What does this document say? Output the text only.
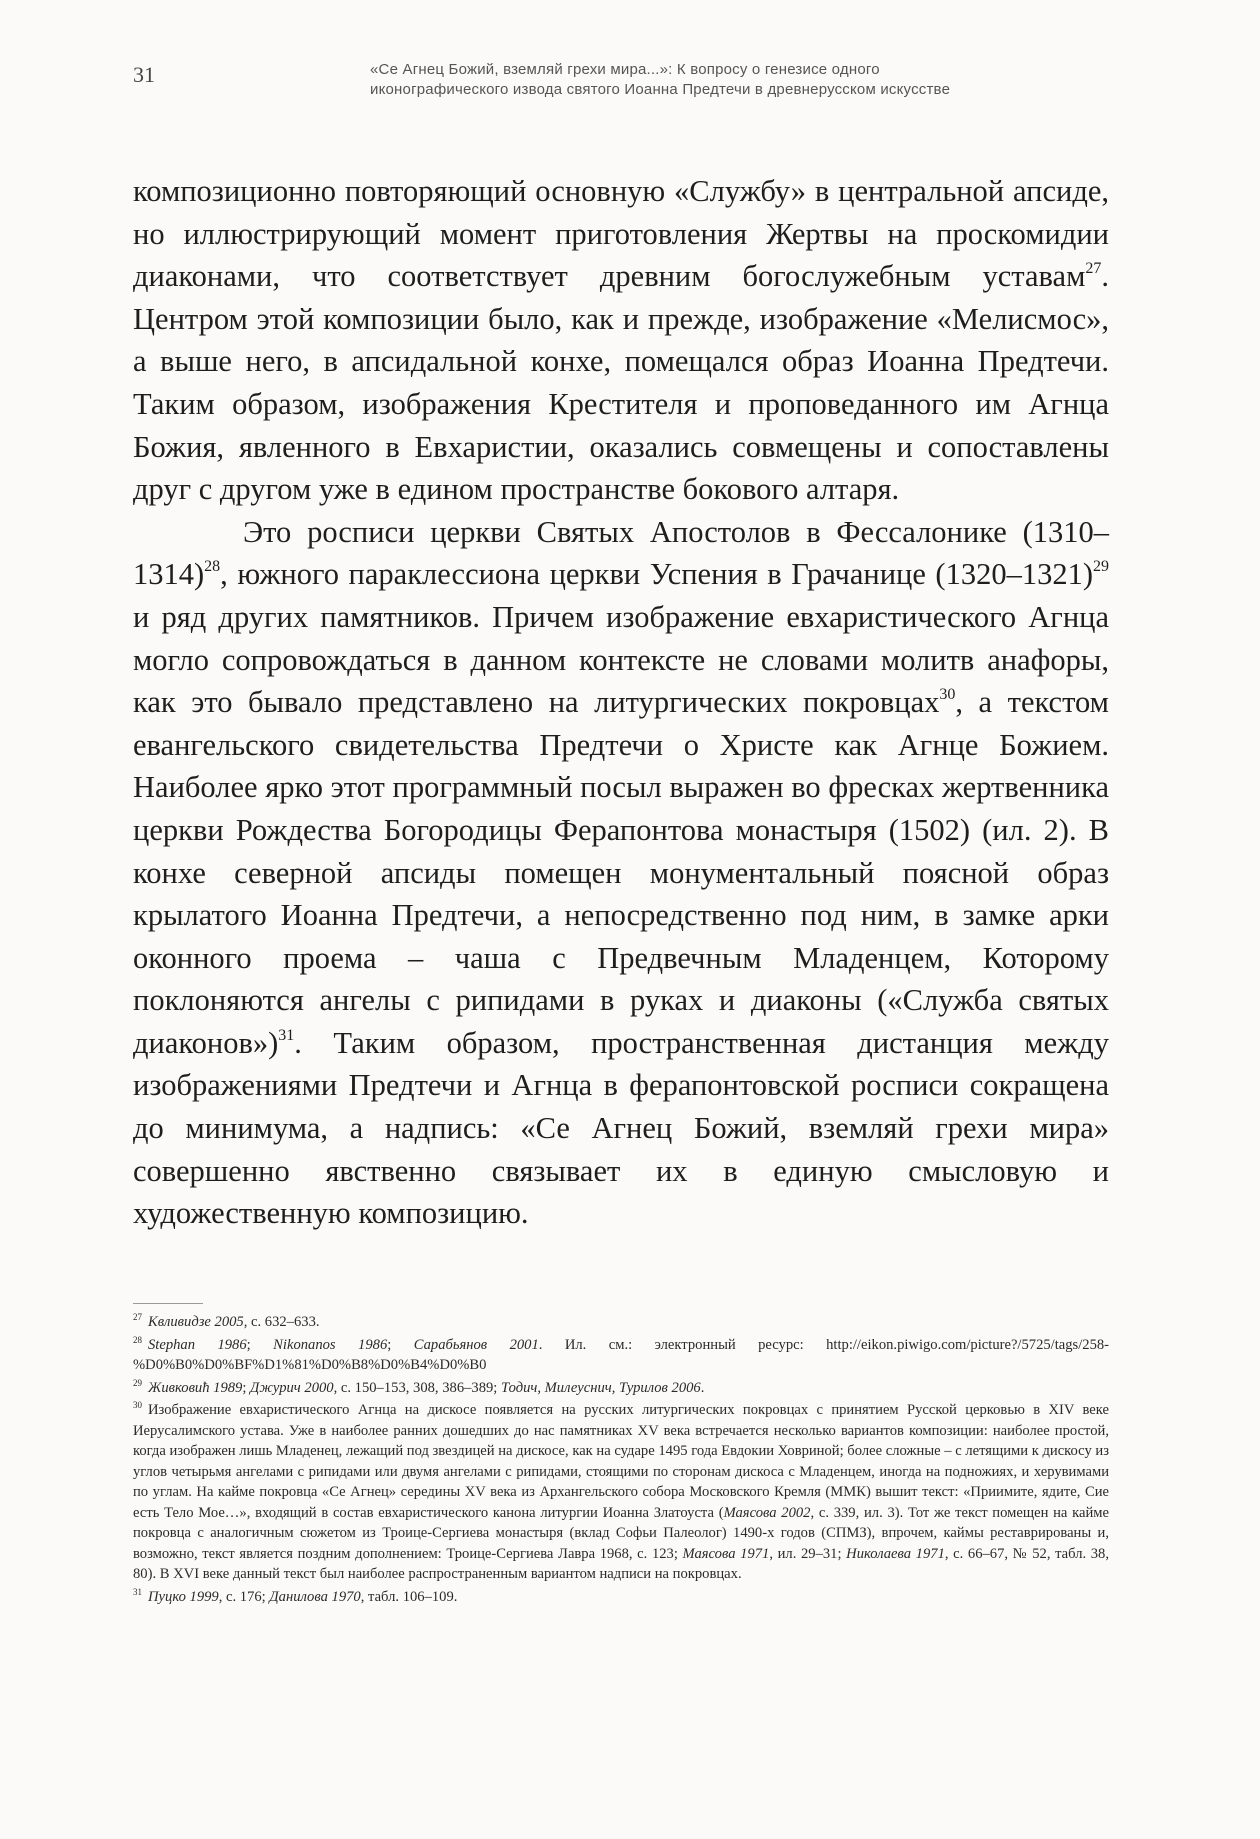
31	«Се Агнец Божий, вземляй грехи мира...»: К вопросу о генезисе одного
иконографического извода святого Иоанна Предтечи в древнерусском искусстве

композиционно повторяющий основную «Службу» в центральной апсиде, но иллюстрирующий момент приготовления Жертвы на проскомидии диаконами, что соответствует древним богослужебным уставам$^{27}$. Центром этой композиции было, как и прежде, изображение «Мелисмос», а выше него, в апсидальной конхе, помещался образ Иоанна Предтечи. Таким образом, изображения Крестителя и проповеданного им Агнца Божия, явленного в Евхаристии, оказались совмещены и сопоставлены друг с другом уже в едином пространстве бокового алтаря.

Это росписи церкви Святых Апостолов в Фессалонике (1310–1314)$^{28}$, южного параклессиона церкви Успения в Грачанице (1320–1321)$^{29}$ и ряд других памятников. Причем изображение евхаристического Агнца могло сопровождаться в данном контексте не словами молитв анафоры, как это бывало представлено на литургических покровцах$^{30}$, а текстом евангельского свидетельства Предтечи о Христе как Агнце Божием. Наиболее ярко этот программный посыл выражен во фресках жертвенника церкви Рождества Богородицы Ферапонтова монастыря (1502) (ил. 2). В конхе северной апсиды помещен монументальный поясной образ крылатого Иоанна Предтечи, а непосредственно под ним, в замке арки оконного проема – чаша с Предвечным Младенцем, Которому поклоняются ангелы с рипидами в руках и диаконы («Служба святых диаконов»)$^{31}$. Таким образом, пространственная дистанция между изображениями Предтечи и Агнца в ферапонтовской росписи сокращена до минимума, а надпись: «Се Агнец Божий, вземляй грехи мира» совершенно явственно связывает их в единую смысловую и художественную композицию.

$^{27}$ Квливидзе 2005, с. 632–633.

$^{28}$ Stephan 1986; Nikonanos 1986; Сарабьянов 2001. Ил. см.: электронный ресурс: http://eikon.piwigo.com/picture?/5725/tags/258-%D0%B0%D0%BF%D1%81%D0%B8%D0%B4%D0%B0

$^{29}$ Живковић 1989; Джурич 2000, с. 150–153, 308, 386–389; Тодич, Милеуснич, Турилов 2006.

$^{30}$ Изображение евхаристического Агнца на дискосе появляется на русских литургических покровцах с принятием Русской церковью в XIV веке Иерусалимского устава. Уже в наиболее ранних дошедших до нас памятниках XV века встречается несколько вариантов композиции: наиболее простой, когда изображен лишь Младенец, лежащий под звездицей на дискосе, как на сударе 1495 года Евдокии Ховриной; более сложные – с летящими к дискосу из углов четырьмя ангелами с рипидами или двумя ангелами с рипидами, стоящими по сторонам дискоса с Младенцем, иногда на подножиях, и херувимами по углам. На кайме покровца «Се Агнец» середины XV века из Архангельского собора Московского Кремля (ММК) вышит текст: «Приимите, ядите, Сие есть Тело Мое…», входящий в состав евхаристического канона литургии Иоанна Златоуста (Маясова 2002, с. 339, ил. 3). Тот же текст помещен на кайме покровца с аналогичным сюжетом из Троице-Сергиева монастыря (вклад Софьи Палеолог) 1490-х годов (СПМЗ), впрочем, каймы реставрированы и, возможно, текст является поздним дополнением: Троице-Сергиева Лавра 1968, с. 123; Маясова 1971, ил. 29–31; Николаева 1971, с. 66–67, № 52, табл. 38, 80). В XVI веке данный текст был наиболее распространенным вариантом надписи на покровцах.

$^{31}$ Пуцко 1999, с. 176; Данилова 1970, табл. 106–109.
